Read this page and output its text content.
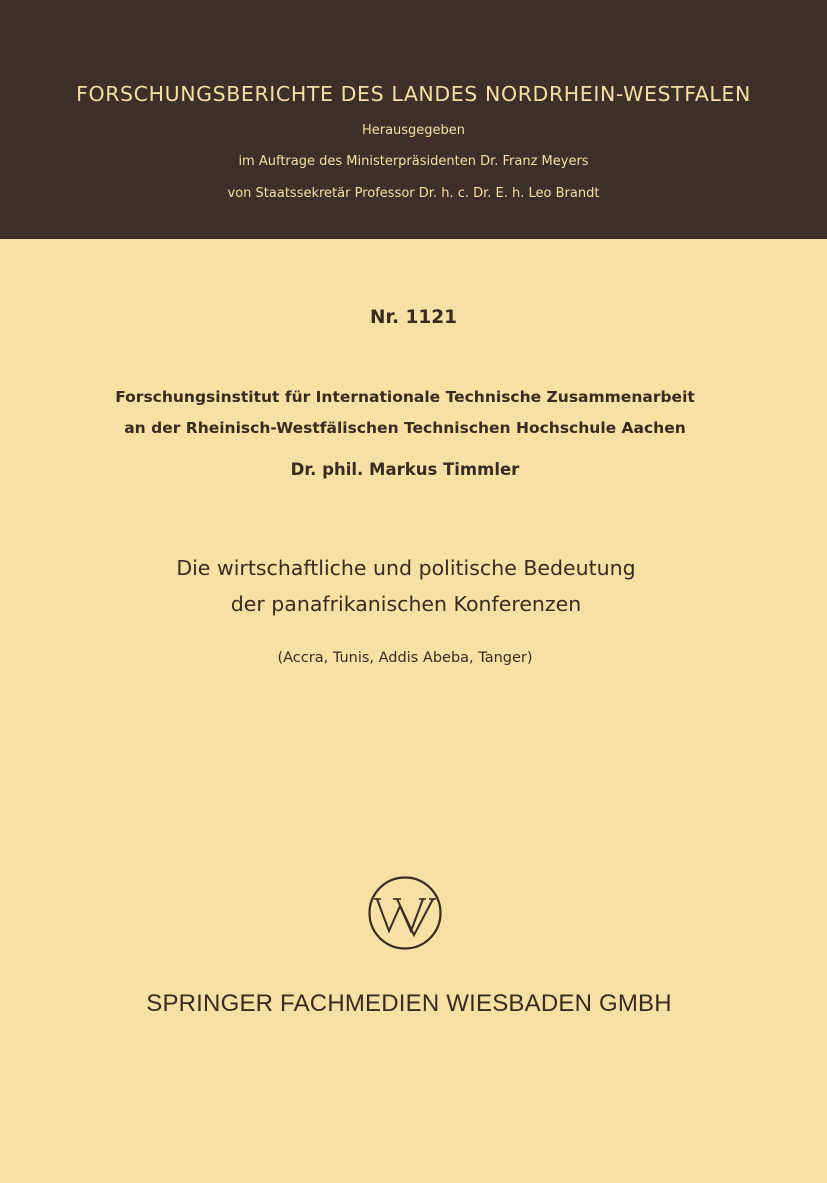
FORSCHUNGSBERICHTE DES LANDES NORDRHEIN-WESTFALEN
Herausgegeben
im Auftrage des Ministerpräsidenten Dr. Franz Meyers
von Staatssekretär Professor Dr. h. c. Dr. E. h. Leo Brandt
Nr. 1121
Forschungsinstitut für Internationale Technische Zusammenarbeit
an der Rheinisch-Westfälischen Technischen Hochschule Aachen
Dr. phil. Markus Timmler
Die wirtschaftliche und politische Bedeutung
der panafrikanischen Konferenzen
(Accra, Tunis, Addis Abeba, Tanger)
SPRINGER FACHMEDIEN WIESBADEN GMBH
